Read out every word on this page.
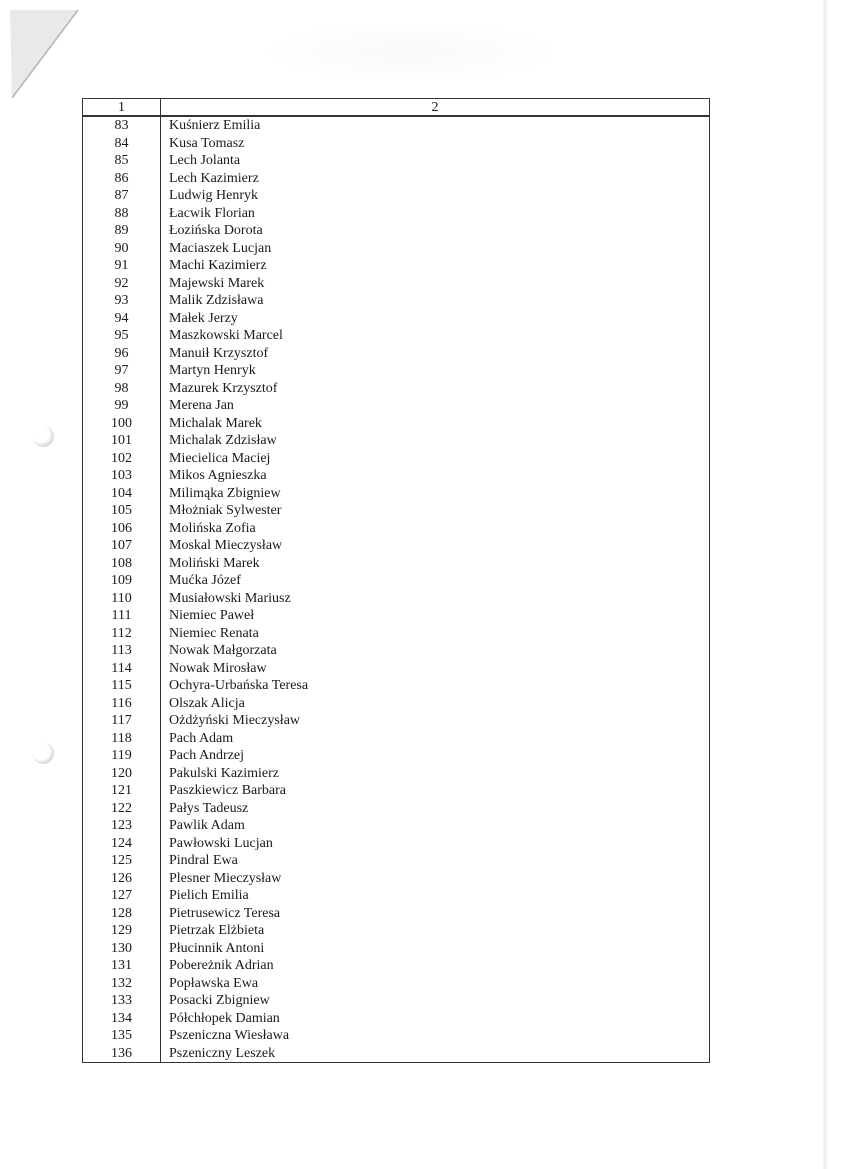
1	2
83	Kuśnierz Emilia
84	Kusa Tomasz
85	Lech Jolanta
86	Lech Kazimierz
87	Ludwig Henryk
88	Łacwik Florian
89	Łozińska Dorota
90	Maciaszek Lucjan
91	Machi Kazimierz
92	Majewski Marek
93	Malik Zdzisława
94	Małek Jerzy
95	Maszkowski Marcel
96	Manuił Krzysztof
97	Martyn Henryk
98	Mazurek Krzysztof
99	Merena Jan
100	Michalak Marek
101	Michalak Zdzisław
102	Miecielica Maciej
103	Mikos Agnieszka
104	Milimąka Zbigniew
105	Młożniak Sylwester
106	Molińska Zofia
107	Moskal Mieczysław
108	Moliński Marek
109	Mućka Józef
110	Musiałowski Mariusz
111	Niemiec Paweł
112	Niemiec Renata
113	Nowak Małgorzata
114	Nowak Mirosław
115	Ochyra-Urbańska Teresa
116	Olszak Alicja
117	Ożdżyński Mieczysław
118	Pach Adam
119	Pach Andrzej
120	Pakulski Kazimierz
121	Paszkiewicz Barbara
122	Pałys Tadeusz
123	Pawlik Adam
124	Pawłowski Lucjan
125	Pindral Ewa
126	Plesner Mieczysław
127	Pielich Emilia
128	Pietrusewicz Teresa
129	Pietrzak Elżbieta
130	Płucinnik Antoni
131	Pobereżnik Adrian
132	Popławska Ewa
133	Posacki Zbigniew
134	Półchłopek Damian
135	Pszeniczna Wiesława
136	Pszeniczny Leszek
